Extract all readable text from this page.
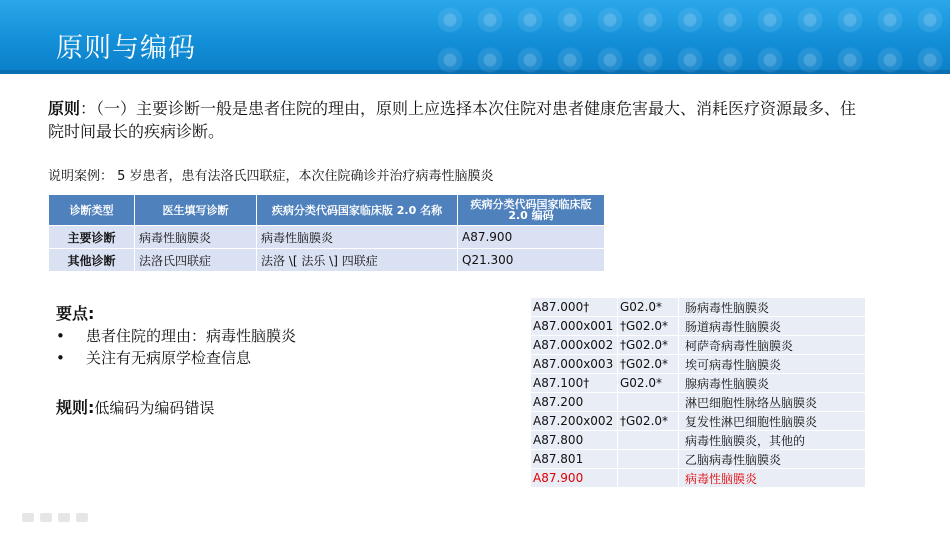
原则与编码
原则：（一）主要诊断一般是患者住院的理由，原则上应选择本次住院对患者健康危害最大、消耗医疗资源最多、住院时间最长的疾病诊断。
说明案例： 5 岁患者，患有法洛氏四联症，本次住院确诊并治疗病毒性脑膜炎
诊断类型	医生填写诊断	疾病分类代码国家临床版 2.0 名称	疾病分类代码国家临床版 2.0 编码
主要诊断	病毒性脑膜炎	病毒性脑膜炎	A87.900
其他诊断	法洛氏四联症	法洛 \[ 法乐 \] 四联症	Q21.300
要点:
• 患者住院的理由：病毒性脑膜炎
• 关注有无病原学检查信息
规则:低编码为编码错误
A87.000†	G02.0*	肠病毒性脑膜炎
A87.000x001	†G02.0*	肠道病毒性脑膜炎
A87.000x002	†G02.0*	柯萨奇病毒性脑膜炎
A87.000x003	†G02.0*	埃可病毒性脑膜炎
A87.100†	G02.0*	腺病毒性脑膜炎
A87.200		淋巴细胞性脉络丛脑膜炎
A87.200x002	†G02.0*	复发性淋巴细胞性脑膜炎
A87.800		病毒性脑膜炎，其他的
A87.801		乙脑病毒性脑膜炎
A87.900		病毒性脑膜炎
